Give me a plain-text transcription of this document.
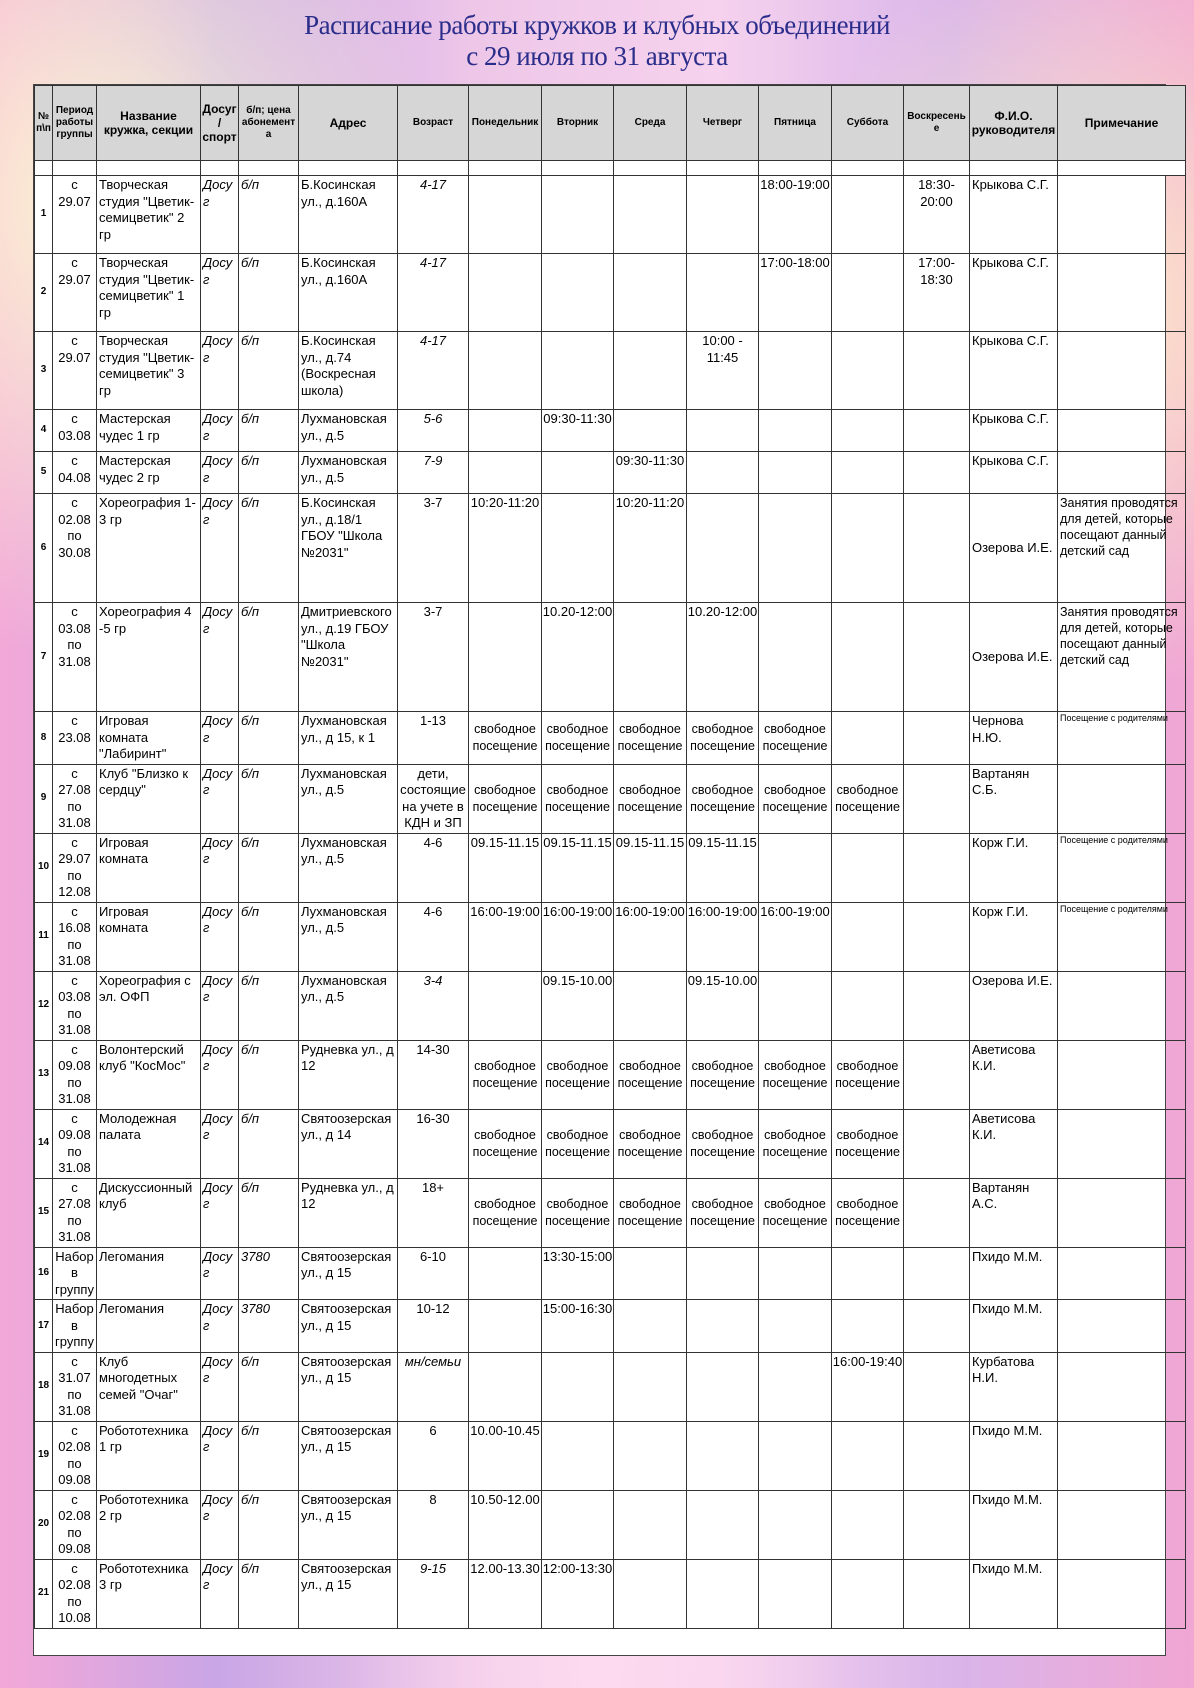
Расписание работы кружков и клубных объединений
с 29 июля по 31 августа
№ п\п	Период работы группы	Название кружка, секции	Досуг/ спорт	б/п; цена абонемента	Адрес	Возраст	Понедельник	Вторник	Среда	Четверг	Пятница	Суббота	Воскресенье	Ф.И.О. руководителя	Примечание

1	с 29.07	Творческая студия "Цветик-семицветик" 2 гр	Досуг	б/п	Б.Косинская ул., д.160А	4-17					18:00-19:00		18:30-20:00	Крыкова С.Г.	
2	с 29.07	Творческая студия "Цветик-семицветик" 1 гр	Досуг	б/п	Б.Косинская ул., д.160А	4-17					17:00-18:00		17:00-18:30	Крыкова С.Г.	
3	с 29.07	Творческая студия "Цветик-семицветик" 3 гр	Досуг	б/п	Б.Косинская ул., д.74 (Воскресная школа)	4-17				10:00 - 11:45				Крыкова С.Г.	
4	с 03.08	Мастерская чудес 1 гр	Досуг	б/п	Лухмановская ул., д.5	5-6		09:30-11:30						Крыкова С.Г.	
5	с 04.08	Мастерская чудес 2 гр	Досуг	б/п	Лухмановская ул., д.5	7-9			09:30-11:30					Крыкова С.Г.	
6	с 02.08 по 30.08	Хореография 1- 3 гр	Досуг	б/п	Б.Косинская ул., д.18/1 ГБОУ "Школа №2031"	3-7	10:20-11:20		10:20-11:20					Озерова И.Е.	Занятия проводятся для детей, которые посещают данный детский сад
7	с 03.08 по 31.08	Хореография 4 -5 гр	Досуг	б/п	Дмитриевского ул., д.19 ГБОУ "Школа №2031"	3-7		10.20-12:00		10.20-12:00				Озерова И.Е.	Занятия проводятся для детей, которые посещают данный детский сад
8	с 23.08	Игровая комната "Лабиринт"	Досуг	б/п	Лухмановская ул., д 15, к 1	1-13	свободное посещение	свободное посещение	свободное посещение	свободное посещение	свободное посещение			Чернова Н.Ю.	Посещение с родителями
9	с 27.08 по 31.08	Клуб "Близко к сердцу"	Досуг	б/п	Лухмановская ул., д.5	дети, состоящие на учете в КДН и ЗП	свободное посещение	свободное посещение	свободное посещение	свободное посещение	свободное посещение	свободное посещение		Вартанян С.Б.	
10	с 29.07 по 12.08	Игровая комната	Досуг	б/п	Лухмановская ул., д.5	4-6	09.15-11.15	09.15-11.15	09.15-11.15	09.15-11.15				Корж Г.И.	Посещение с родителями
11	с 16.08 по 31.08	Игровая комната	Досуг	б/п	Лухмановская ул., д.5	4-6	16:00-19:00	16:00-19:00	16:00-19:00	16:00-19:00	16:00-19:00			Корж Г.И.	Посещение с родителями
12	с 03.08 по 31.08	Хореография с эл. ОФП	Досуг	б/п	Лухмановская ул., д.5	3-4		09.15-10.00		09.15-10.00				Озерова И.Е.	
13	с 09.08 по 31.08	Волонтерский клуб "КосМос"	Досуг	б/п	Рудневка ул., д 12	14-30	свободное посещение	свободное посещение	свободное посещение	свободное посещение	свободное посещение	свободное посещение		Аветисова К.И.	
14	с 09.08 по 31.08	Молодежная палата	Досуг	б/п	Святоозерская ул., д 14	16-30	свободное посещение	свободное посещение	свободное посещение	свободное посещение	свободное посещение	свободное посещение		Аветисова К.И.	
15	с 27.08 по 31.08	Дискуссионный клуб	Досуг	б/п	Рудневка ул., д 12	18+	свободное посещение	свободное посещение	свободное посещение	свободное посещение	свободное посещение	свободное посещение		Вартанян А.С.	
16	Набор в группу	Легомания	Досуг	3780	Святоозерская ул., д 15	6-10		13:30-15:00						Пхидо М.М.	
17	Набор в группу	Легомания	Досуг	3780	Святоозерская ул., д 15	10-12		15:00-16:30						Пхидо М.М.	
18	с 31.07 по 31.08	Клуб многодетных семей "Очаг"	Досуг	б/п	Святоозерская ул., д 15	мн/семьи						16:00-19:40		Курбатова Н.И.	
19	с 02.08 по 09.08	Робототехника 1 гр	Досуг	б/п	Святоозерская ул., д 15	6	10.00-10.45							Пхидо М.М.	
20	с 02.08 по 09.08	Робототехника 2 гр	Досуг	б/п	Святоозерская ул., д 15	8	10.50-12.00							Пхидо М.М.	
21	с 02.08 по 10.08	Робототехника 3 гр	Досуг	б/п	Святоозерская ул., д 15	9-15	12.00-13.30	12:00-13:30						Пхидо М.М.	
